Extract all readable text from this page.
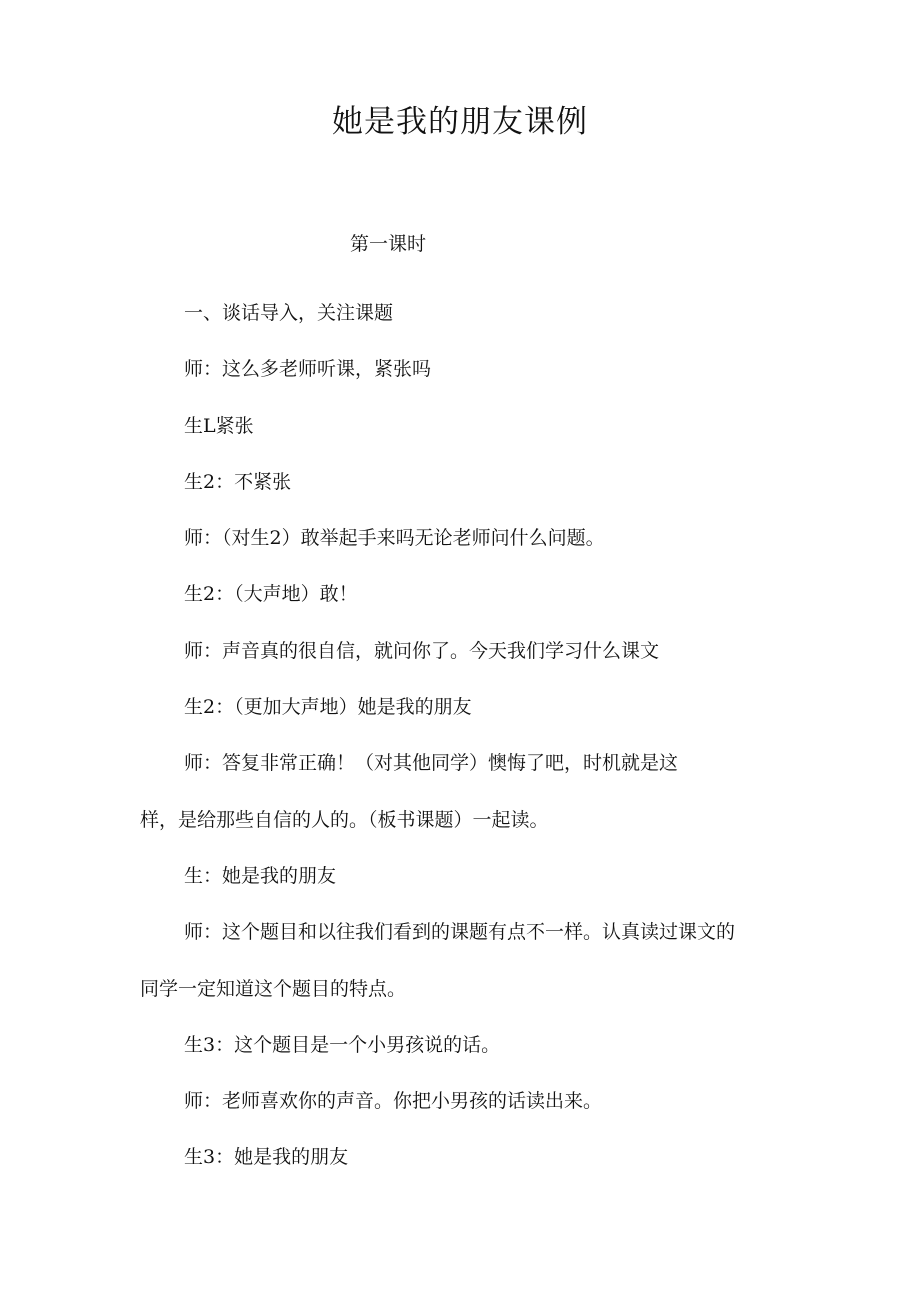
她是我的朋友课例
第一课时

一、谈话导入，关注课题

师：这么多老师听课，紧张吗

生L紧张

生2：不紧张

师：（对生2）敢举起手来吗无论老师问什么问题。

生2：（大声地）敢！

师：声音真的很自信，就问你了。今天我们学习什么课文

生2：（更加大声地）她是我的朋友

师：答复非常正确！（对其他同学）懊悔了吧，时机就是这
样，是给那些自信的人的。（板书课题）一起读。

生：她是我的朋友

师：这个题目和以往我们看到的课题有点不一样。认真读过课文的
同学一定知道这个题目的特点。

生3：这个题目是一个小男孩说的话。

师：老师喜欢你的声音。你把小男孩的话读出来。

生3：她是我的朋友
